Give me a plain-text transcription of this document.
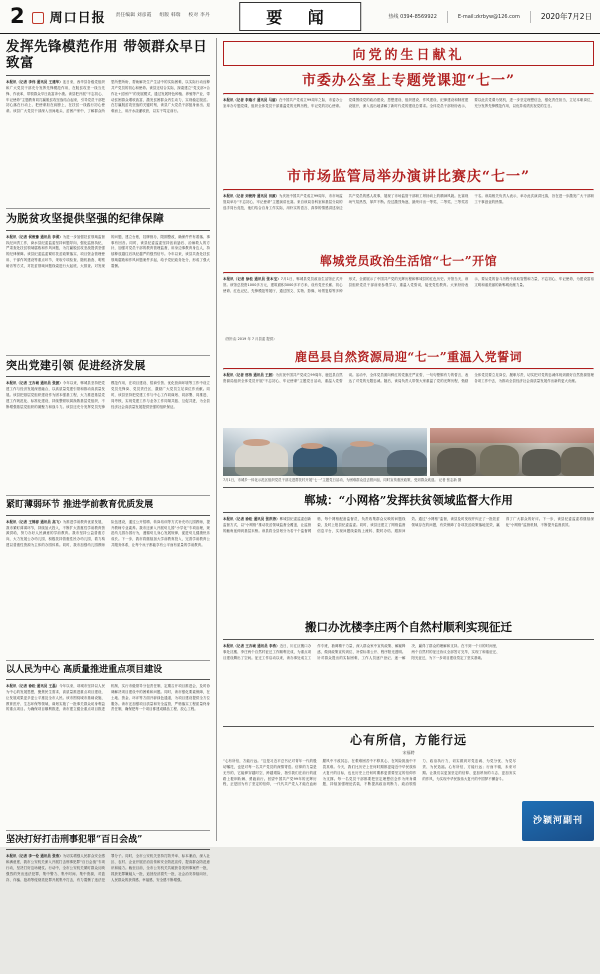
2 周口日报 责任编辑 刘彦霞 组版 韩瑞 校对 李丹	要 闻	热线 0394-8569922	E-mail:zkrbyw@126.com	2020年7月2日
发挥先锋模范作用 带领群众早日致富
本报讯（记者 李伟 通讯员 王建华）连日来，西华县各级党组织和广大党员干部充分发挥先锋模范作用，在脱贫攻坚一线当先锋、作表率，带领群众早日致富奔小康。该县把开展“不忘初心、牢记使命”主题教育同打赢脱贫攻坚战结合起来，引导党员干部把初心落在行动上、把使命担在肩膀上，在扶贫一线践行初心使命。该县广大党员干部深入田间地头、贫困户家中，了解群众所思所想所盼，帮助解决生产生活中的实际困难，以实际行动诠释共产党员的初心和使命。该县还结合实际，探索建立“党支部+合作社+贫困户”的发展模式，通过发展特色种植、养殖等产业，带动贫困群众增收致富，激发贫困群众内生动力，实现稳定脱贫。在打赢脱贫攻坚战的关键时刻，该县广大党员干部挺身而出、迎难而上，用汗水浇灌收获，以实干笃定前行。
为脱贫攻坚提供坚强的纪律保障
本报讯（记者 侯俊豫 通讯员 李勇）为进一步加强扶贫领域监督执纪问责工作，商水县纪委监委坚持问题导向，强化监督执纪，严肃查处扶贫领域腐败和作风问题，为打赢脱贫攻坚战提供坚强的纪律保障。该县纪委监委紧盯扶贫政策落实、项目资金管理使用、干部作风建设等重点环节，采取专项检查、随机抽查、明察暗访等方式，对扶贫领域问题线索进行大起底、大排查。对发现的问题，建立台账，挂牌督办，限期整改，确保件件有着落、事事有回音。同时，该县纪委监委坚持惩前毖后、治病救人的方针，加强对党员干部的教育管理监督，用身边事教育身边人，持续释放越往后执纪越严的强烈信号。今年以来，该县共查处扶贫领域腐败和作风问题案件多起，给予党纪政务处分，形成了强大震慑。
突出党建引领 促进经济发展
本报讯（记者 王吉城 通讯员 张振）今年以来，郸城县坚持把党建工作与经济发展深度融合，以高质量党建引领和推动高质量发展。该县把基层党组织建设作为固本强基工程，大力推进基层党建工作规范化、标准化建设，持续整顿软弱涣散基层党组织，不断增强基层党组织的凝聚力和战斗力。该县还充分发挥党员先锋模范作用，在项目建设、招商引资、优化营商环境等工作中设立党员先锋岗、党员责任区，激励广大党员立足岗位作贡献。同时，该县坚持把党建工作与中心工作同谋划、同部署、同推进、同考核，实现党建工作与业务工作同频共振、互促共进，为全县经济社会高质量发展提供坚强的组织保证。
紧盯薄弱环节 推进学前教育优质发展
本报讯（记者 王锦春 通讯员 高飞）为推进学前教育优质发展，我市紧盯薄弱环节，持续加大投入，不断扩大普惠性学前教育资源供给，努力办好人民满意的学前教育。我市坚持公益普惠方向，大力发展公办幼儿园，积极扶持普惠性民办幼儿园，着力构建以普惠性资源为主体的办园体系。同时，我市加强幼儿园教师队伍建设，通过公开招聘、转岗培训等方式补充幼儿园教师，提升教师专业素养。我市还深入开展幼儿园“小学化”专项治理，规范幼儿园办园行为，遵循幼儿身心发展规律，促进幼儿健康快乐成长。下一步，我市将继续加大学前教育投入，完善学前教育公共服务体系，让每个孩子都能享有公平而有质量的学前教育。
以人民为中心 高质量推进重点项目建设
本报讯（记者 徐松 通讯员 王磊）今年以来，项城市坚持以人民为中心的发展思想，聚焦民生需求，高质量推进重点项目建设，让发展成果更多更公平惠及全市人民。该市围绕城市基础设施、教育医疗、生态环保等领域，谋划实施了一批事关群众切身利益的重点项目。为确保项目顺利推进，该市建立健全重点项目推进机制，实行市级领导分包责任制，定期召开项目推进会，及时协调解决项目建设中的困难和问题。同时，该市强化要素保障，在土地、资金、环评等方面开辟绿色通道，为项目建设提供全方位服务。该市还加强项目质量和安全监管，严格落实工程质量终身责任制，确保把每一个项目都建成精品工程、放心工程。
坚决打好打击刑事犯罪“百日会战”
本报讯（记者 李一伦 通讯员 张浩）为切实增强人民群众安全感和满意度，我市公安机关深入开展打击刑事犯罪“百日会战”专项行动，坚决打好这场硬仗。行动中，全市公安机关紧盯群众反映强烈的突出违法犯罪，集中警力、集中时间、集中资源，对盗窃、诈骗、抢劫等侵财类犯罪开展集中打击，有力震慑了违法犯罪分子。同时，全市公安机关坚持打防并举、标本兼治，深入社区、农村、企业开展法治宣传和安全防范宣传，提高群众防范意识和能力。截至目前，全市公安机关共破获各类刑事案件一批，抓获犯罪嫌疑人一批，追回经济损失一批，社会治安持续向好，人民群众的获得感、幸福感、安全感不断增强。
向党的生日献礼
市委办公室上专题党课迎“七一”
本报讯（记者 李瑞才 通讯员 马丽）在中国共产党成立99周年之际，市委办公室举办专题党课，组织全体党员干部重温党的光辉历程，牢记党的初心使命。党课围绕党的政治建设、思想建设、组织建设、作风建设、纪律建设和制度建设展开，深入浅出地讲解了新时代党的建设总要求。全体党员干部纷纷表示，要以此次党课为契机，进一步坚定理想信念，强化责任担当，立足本职岗位，充分发挥先锋模范作用，以优异成绩庆祝党的生日。
市市场监管局举办演讲比赛庆“七一”
本报讯（记者 刘俊涛 通讯员 田源）为庆祝中国共产党成立99周年，市市场监管局举办“不忘初心、牢记使命”主题演讲比赛。来自该局各科室和基层分局的选手同台竞技，他们结合自身工作实际，用朴实的语言、真挚的情感讲述身边共产党员的感人故事，展现了市场监管干部职工昂扬向上的精神风貌。比赛现场气氛热烈，掌声不断。经过激烈角逐，最终评出一等奖、二等奖、三等奖若干名。该局相关负责人表示，举办此次演讲比赛，旨在进一步激发广大干部职工干事创业的热情。
郸城党员政治生活馆“七一”开馆
本报讯（记者 徐松 通讯员 张本宝）7月1日，郸城县党员政治生活馆正式开馆。该馆总投资1000多万元，建筑面积3000多平方米，设有党史长廊、初心使命、红色记忆、先锋模范等展厅，通过图文、实物、影像、场景复原等多种形式，全面展示了中国共产党的光辉历程和郸城县的红色历史。开馆当天，该县组织党员干部前来参观学习，重温入党誓词，接受党性教育。大家纷纷表示，要从党的奋斗历程中汲取智慧和力量，不忘初心、牢记使命，为建设富裕文明和谐美丽的新郸城贡献力量。
（图片由 2019 年 7 月县委 提供）
鹿邑县自然资源局迎“七一”重温入党誓词
本报讯（记者 邢伟 通讯员 王振）为庆祝中国共产党成立99周年，鹿邑县自然资源局组织全体党员开展“不忘初心、牢记使命”主题党日活动，重温入党誓词。活动中，全体党员面向鲜红的党旗庄严宣誓，一句句铿锵有力的誓言，表达了对党的无限忠诚。随后，该局负责人带领大家重温了党的光辉历程，勉励全体党员要立足岗位、履职尽责，切实把对党的忠诚体现到做好自然资源管理各项工作中去，为推动全县经济社会高质量发展作出新的更大贡献。
7月1日，市城乡一体化示范区组织党员干部走进帮扶村开展“七一”主题党日活动，为困难群众送去慰问品，同时宣传惠民政策，受到群众欢迎。 记者 张志新 摄
郸城：“小网格”发挥扶贫领域监督大作用
本报讯（记者 徐松 通讯员 张洪涛）郸城县纪委监委创新监督方式，以“小网格”推动扶贫领域监督全覆盖，让监督的触角延伸到基层末梢。该县将全县划分为若干个监督网格，每个网格配备监督员，负责收集群众反映的问题线索，及时上报县纪委监委。同时，该县还建立了网格监督信息平台，实现问题线索线上流转、限时办结、跟踪问效。通过“小网格”监督，该县及时发现并纠正了一批扶贫领域存在的问题，有效保障了各项扶贫政策落地见效，赢得了广大群众的好评。下一步，该县纪委监委将继续深化“小网格”监督机制，不断提升监督质效。
搬口办沈楼李庄两个自然村顺利实现征迁
本报讯（记者 王吉城 通讯员 李浩）近日，川汇区搬口办事处沈楼、李庄两个自然村征迁工作顺利完成，为重点项目建设腾出了空间。征迁工作启动以来，该办事处成立工作专班，抽调精干力量，深入群众家中宣传政策、解疑释惑，做到政策宣传到位、补偿标准公开、程序阳光透明。针对群众提出的实际困难，工作人员逐户登记、逐一解决，赢得了群众的理解和支持。在不到一个月的时间里，两个自然村的征迁协议全部签订完毕，实现了和谐征迁、阳光征迁，为下一步项目建设奠定了坚实基础。
心有所信，方能行远
宋福聘
“心有所信，方能行远。”这是习近平总书记对青年一代的殷切嘱托，也是对每一名共产党员的深情寄语。信仰的力量是无穷的，它能够穿越时空、跨越艰险，指引我们在前行的道路上披荆斩棘、勇毅前行。回望中国共产党99年的光辉历程，正是因为有了坚定的信仰，一代代共产党人才能在血雨腥风中不改其志、在艰难困苦中不移其心、在风险挑战中不畏其难。今天，我们比历史上任何时期都更接近中华民族伟大复兴的目标，也比历史上任何时期都更需要坚定的信仰作为支撑。每一名党员干部都要把坚定理想信念作为终身课题，持续加强理论武装，不断提高政治判断力、政治领悟力、政治执行力，切实做到对党忠诚、为党分忧、为党尽责、为民造福。心有所信，方能行远；行而不辍，未来可期。让我们以更加坚定的信仰、更加昂扬的斗志、更加务实的作风，为实现中华民族伟大复兴的中国梦不懈奋斗。
沙颍河副刊
